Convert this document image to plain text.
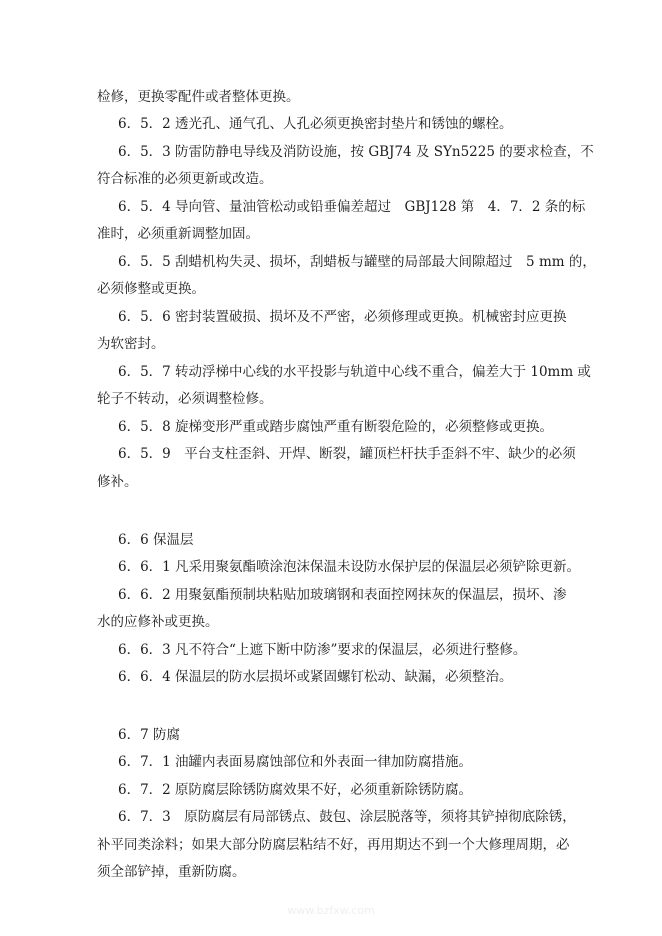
检修，更换零配件或者整体更换。
6．5．2 透光孔、通气孔、人孔必须更换密封垫片和锈蚀的螺栓。
6．5．3 防雷防静电导线及消防设施，按 GBJ74 及 SYn5225 的要求检查，不
符合标准的必须更新或改造。
6．5．4 导向管、量油管松动或铅垂偏差超过　GBJ128 第　4．7．2 条的标
准时，必须重新调整加固。
6．5．5 刮蜡机构失灵、损坏，刮蜡板与罐壁的局部最大间隙超过　5 mm 的，
必须修整或更换。
6．5．6 密封装置破损、损坏及不严密，必须修理或更换。机械密封应更换
为软密封。
6．5．7 转动浮梯中心线的水平投影与轨道中心线不重合，偏差大于 10mm 或
轮子不转动，必须调整检修。
6．5．8 旋梯变形严重或踏步腐蚀严重有断裂危险的，必须整修或更换。
6．5．9　平台支柱歪斜、开焊、断裂，罐顶栏杆扶手歪斜不牢、缺少的必须
修补。
6．6 保温层
6．6．1 凡采用聚氨酯喷涂泡沫保温未设防水保护层的保温层必须铲除更新。
6．6．2 用聚氨酯预制块粘贴加玻璃钢和表面控网抹灰的保温层，损坏、渗
水的应修补或更换。
6．6．3 凡不符合“上遮下断中防渗”要求的保温层，必须进行整修。
6．6．4 保温层的防水层损坏或紧固螺钉松动、缺漏，必须整治。
6．7 防腐
6．7．1 油罐内表面易腐蚀部位和外表面一律加防腐措施。
6．7．2 原防腐层除锈防腐效果不好，必须重新除锈防腐。
6．7．3　原防腐层有局部锈点、鼓包、涂层脱落等，须将其铲掉彻底除锈，
补平同类涂料；如果大部分防腐层粘结不好，再用期达不到一个大修理周期，必
须全部铲掉，重新防腐。
www.bzfxw.com
